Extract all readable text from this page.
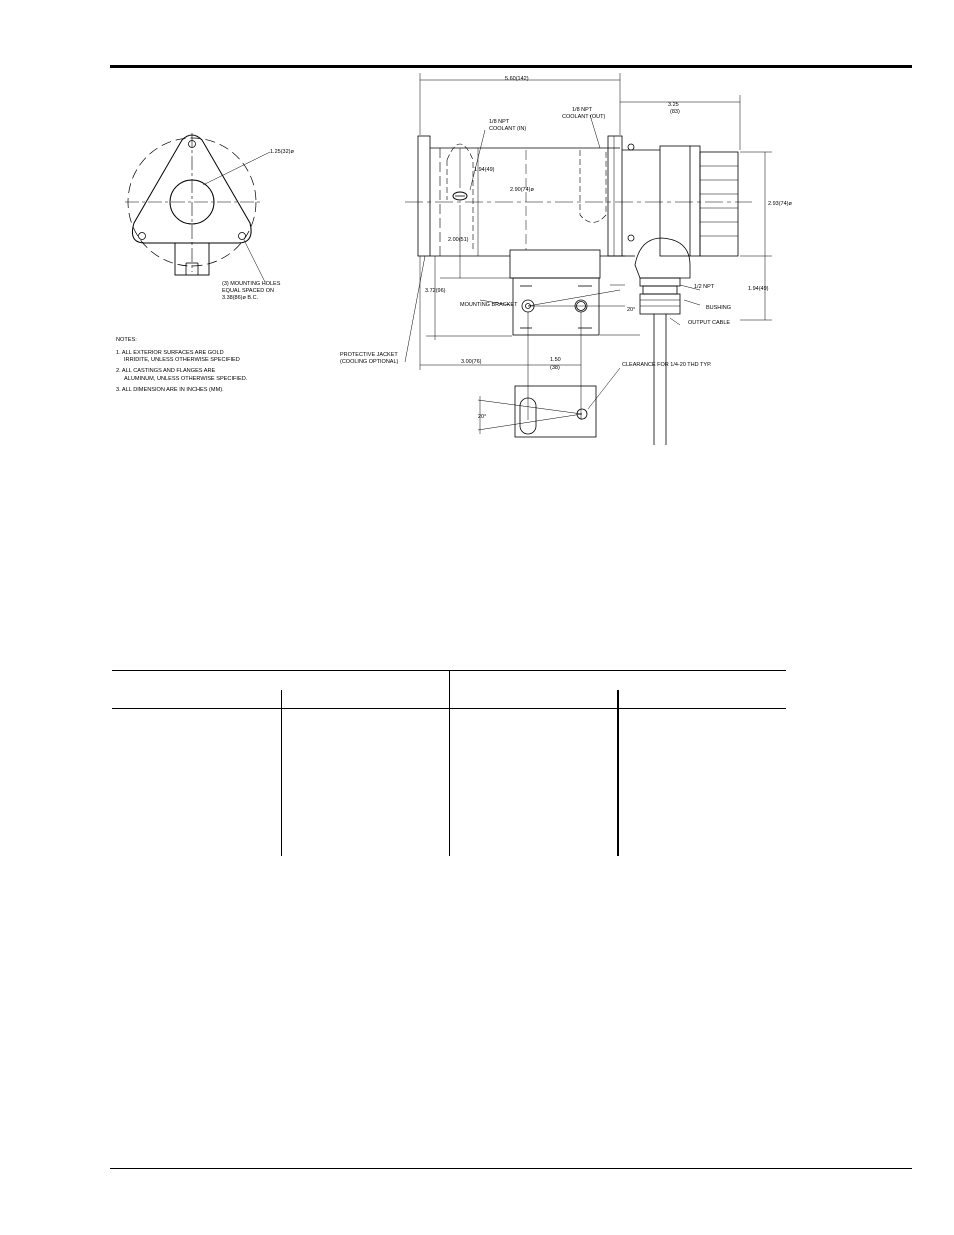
1.25(32)ø
(3) MOUNTING HOLES
EQUAL SPACED ON
3.38(86)ø B.C.
NOTES:
1. ALL EXTERIOR SURFACES ARE GOLD
IRRIDITE, UNLESS OTHERWISE SPECIFIED
2. ALL CASTINGS AND FLANGES ARE
ALUMINUM, UNLESS OTHERWISE SPECIFIED.
3. ALL DIMENSION ARE IN INCHES (MM).
5.60(142)
3.25
(83)
1/8 NPT
COOLANT (IN)
1/8 NPT
COOLANT (OUT)
1.94(49)
2.90(74)ø
2.00(51)
3.72(96)
2.93(74)ø
1.94(49)
1/2 NPT
BUSHING
OUTPUT CABLE
MOUNTING BRACKET
20°
PROTECTIVE JACKET
(COOLING OPTIONAL)	3.00(76)	1.50
(38)	CLEARANCE FOR 1/4-20 THD TYP.
20°
